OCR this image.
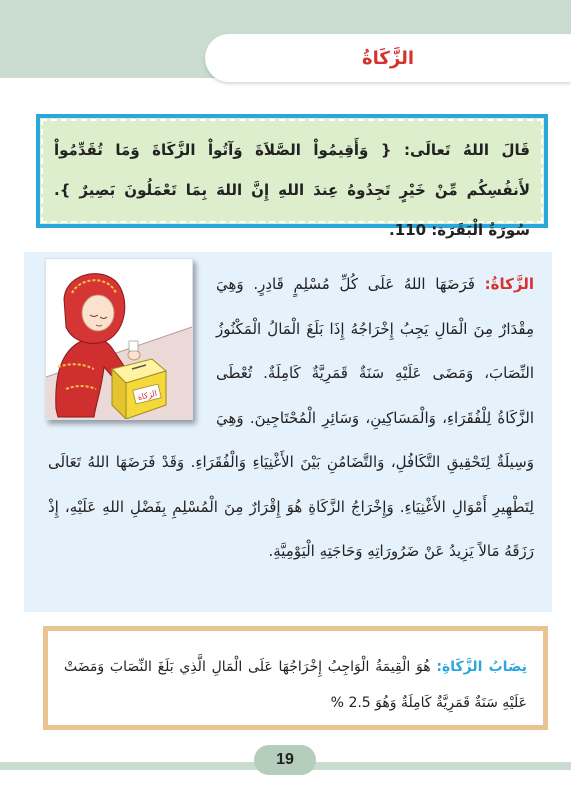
الزَّكَاةُ
قَالَ اللهُ تَعالَى: { وَأَقِيمُواْ الصَّلاَةَ وَآتُواْ الزَّكَاةَ وَمَا تُقَدِّمُواْ لأَنفُسِكُم مِّنْ خَيْرٍ تَجِدُوهُ عِندَ اللهِ إِنَّ اللهَ بِمَا تَعْمَلُونَ بَصِيرٌ }. سُورَةُ الْبَقَرَة: 110.
الزكاة
الزَّكاةُ: فَرَضَهَا اللهُ عَلَى كُلِّ مُسْلِمٍ قَادِرٍ. وَهِيَ مِقْدَارٌ مِنَ الْمَالِ يَجِبُ إِخْرَاجُهُ إِذَا بَلَغَ الْمَالُ الْمَكْنُوزُ النِّصَابَ، وَمَضَى عَلَيْهِ سَنَةٌ قَمَرِيَّةٌ كَامِلَةٌ. تُعْطَى الزَّكَاةُ لِلْفُقَرَاءِ، وَالْمَسَاكِينِ، وَسَائِرِ الْمُحْتَاجِينَ. وَهِيَ وَسِيلَةٌ لِتَحْقِيقِ التَّكَافُلِ، وَالتَّضَامُنِ بَيْنَ الأَغْنِيَاءِ وَالْفُقَرَاءِ. وَقَدْ فَرَضَهَا اللهُ تَعَالَى لِتَطْهِيرِ أَمْوَالِ الأَغْنِيَاءِ. وَإِخْرَاجُ الزَّكَاةِ هُوَ إِقْرَارٌ مِنَ الْمُسْلِمِ بِفَضْلِ اللهِ عَلَيْهِ، إِذْ رَزَقَهُ مَالاً يَزِيدُ عَنْ ضَرُورَاتِهِ وَحَاجَتِهِ الْيَوْمِيَّةِ.
نِصَابُ الزَّكَاةِ: هُوَ الْقِيمَةُ الْوَاجِبُ إِخْرَاجُهَا عَلَى الْمَالِ الَّذِي بَلَغَ النِّصَابَ وَمَضَتْ عَلَيْهِ سَنَةٌ قَمَرِيَّةٌ كَامِلَةٌ وَهُوَ 2.5 %
19
